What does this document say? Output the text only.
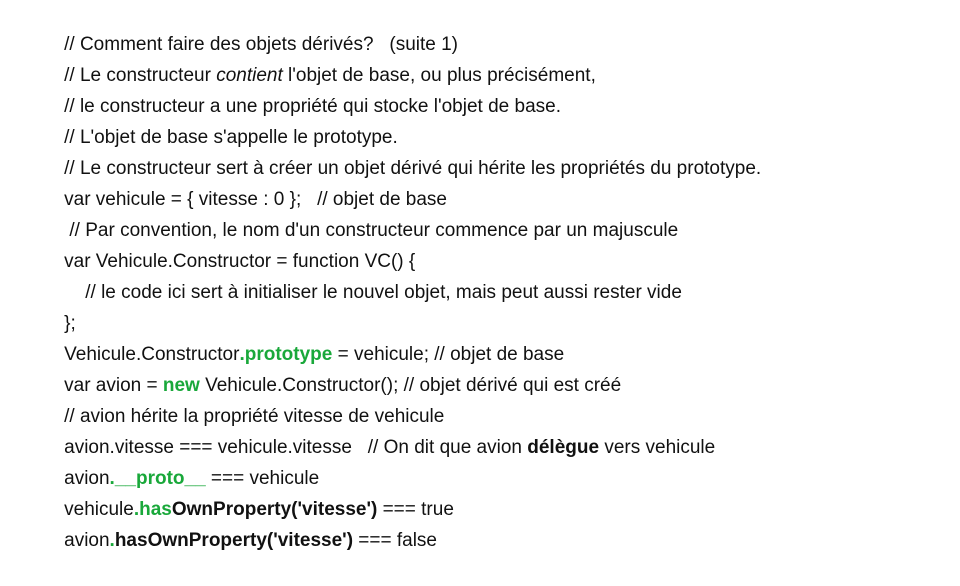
// Comment faire des objets dérivés?   (suite 1)

// Le constructeur contient l'objet de base, ou plus précisément,

// le constructeur a une propriété qui stocke l'objet de base.

// L'objet de base s'appelle le prototype.

// Le constructeur sert à créer un objet dérivé qui hérite les propriétés du prototype.

var vehicule = { vitesse : 0 };   // objet de base

// Par convention, le nom d'un constructeur commence par un majuscule

var Vehicule.Constructor = function VC() {

// le code ici sert à initialiser le nouvel objet, mais peut aussi rester vide

};

Vehicule.Constructor.prototype = vehicule; // objet de base

var avion = new Vehicule.Constructor(); // objet dérivé qui est créé

// avion hérite la propriété vitesse de vehicule

avion.vitesse === vehicule.vitesse   // On dit que avion délègue vers vehicule

avion.__proto__ === vehicule

vehicule.hasOwnProperty('vitesse') === true

avion.hasOwnProperty('vitesse') === false
